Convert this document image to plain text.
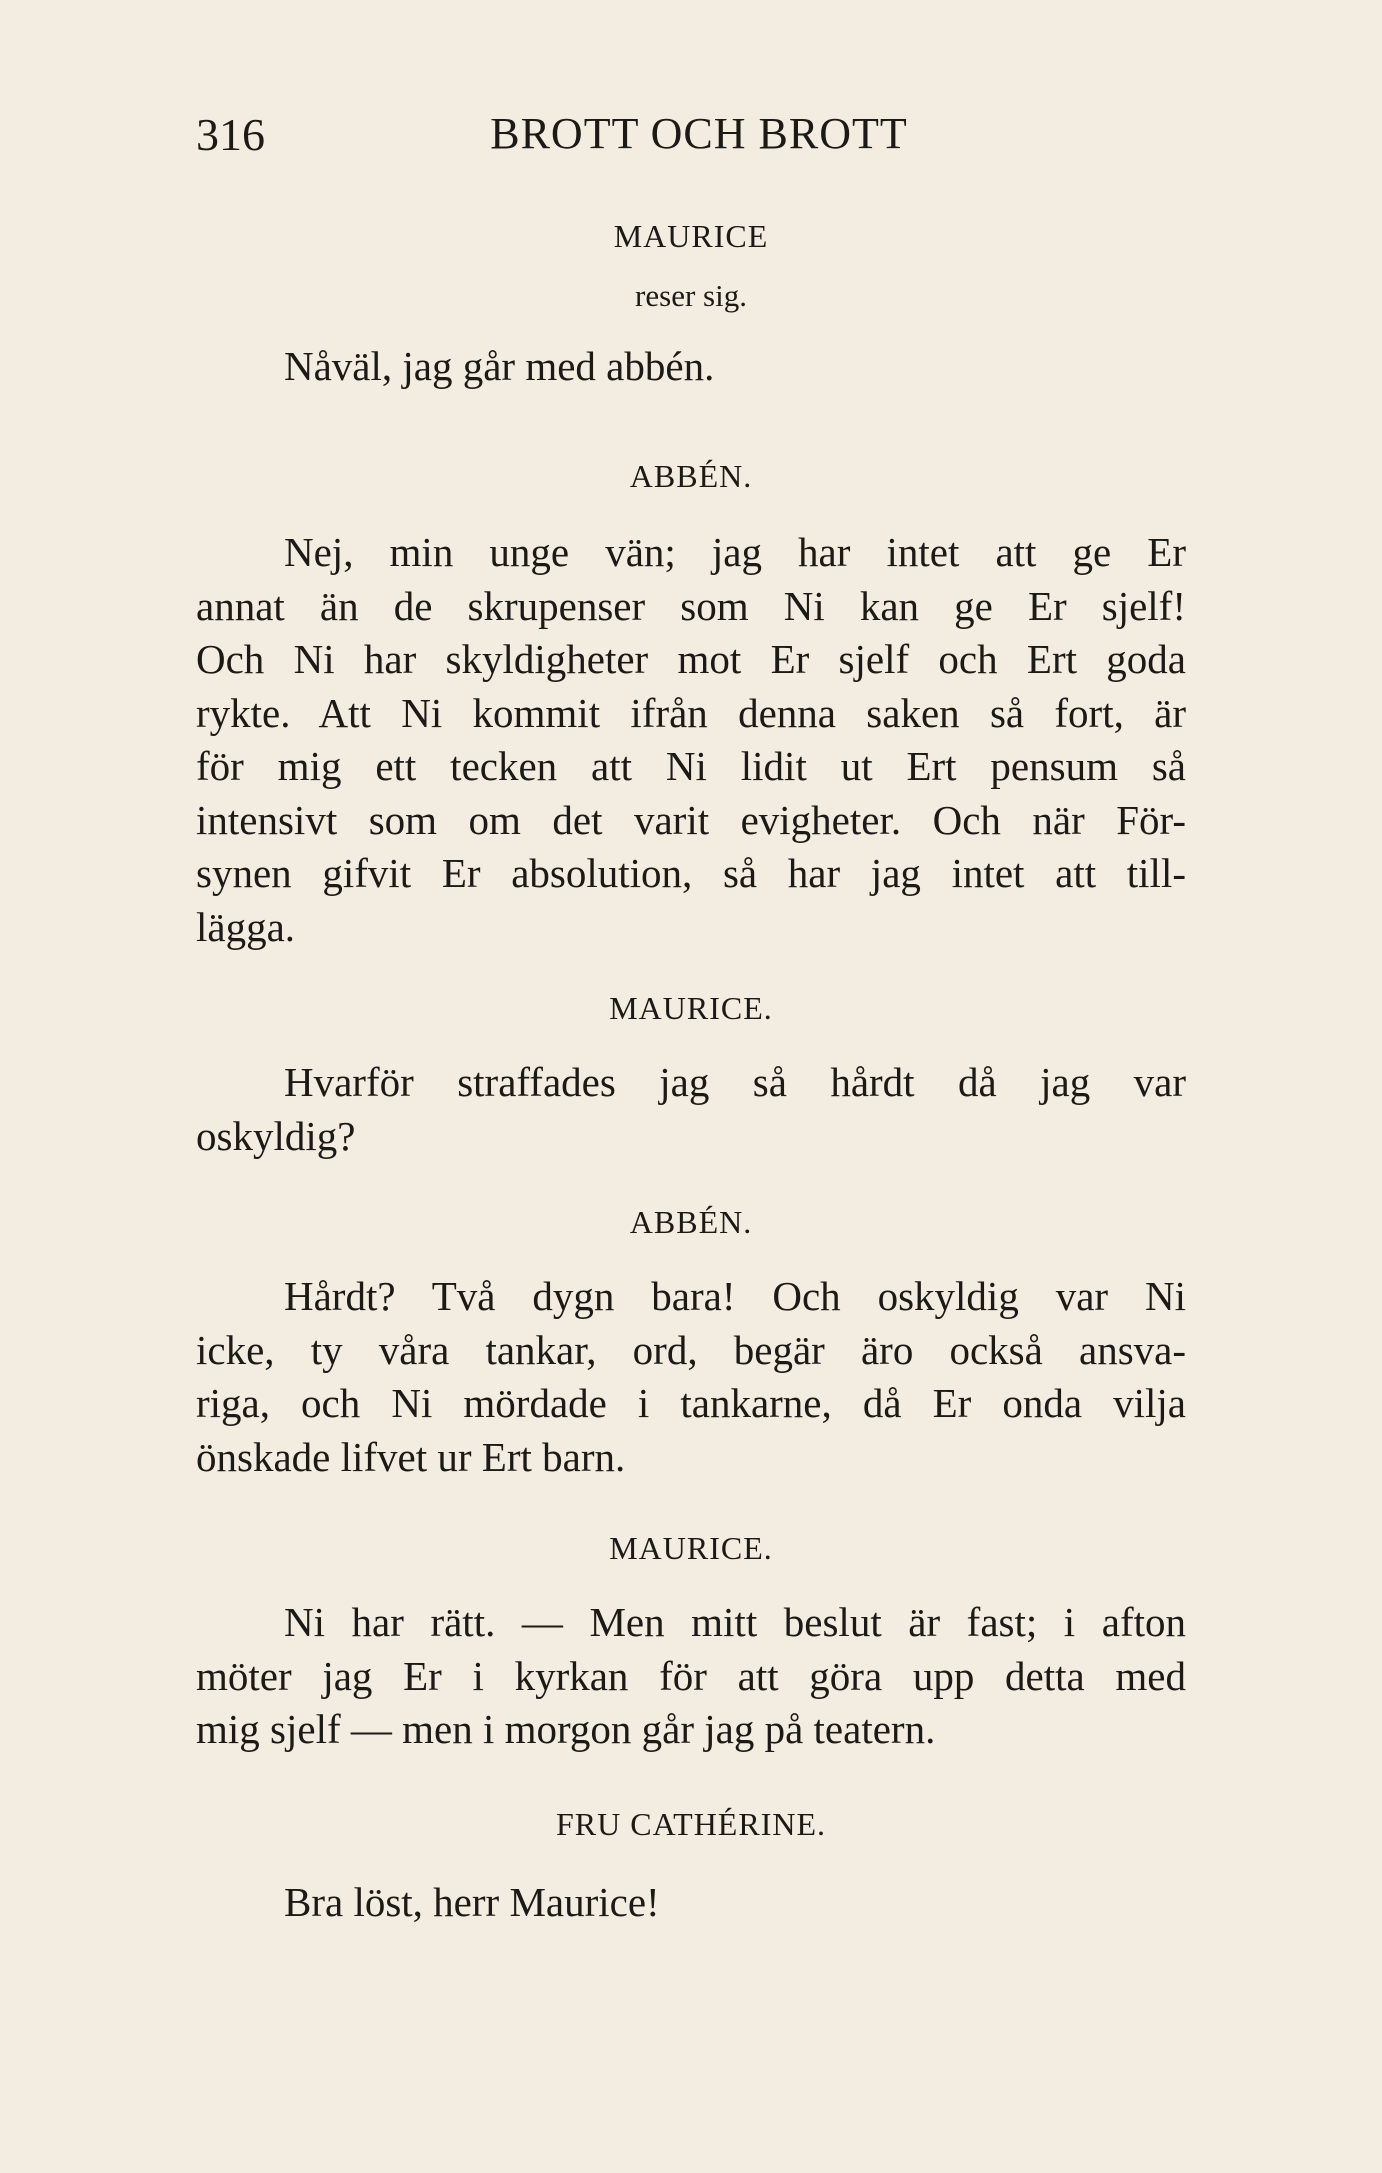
316	BROTT OCH BROTT
MAURICE
reser sig.

Nåväl, jag går med abbén.

ABBÉN.

Nej, min unge vän; jag har intet att ge Er
annat än de skrupenser som Ni kan ge Er sjelf!
Och Ni har skyldigheter mot Er sjelf och Ert goda
rykte. Att Ni kommit ifrån denna saken så fort, är
för mig ett tecken att Ni lidit ut Ert pensum så
intensivt som om det varit evigheter. Och när För-
synen gifvit Er absolution, så har jag intet att till-
lägga.

MAURICE.

Hvarför straffades jag så hårdt då jag var
oskyldig?

ABBÉN.

Hårdt? Två dygn bara! Och oskyldig var Ni
icke, ty våra tankar, ord, begär äro också ansva-
riga, och Ni mördade i tankarne, då Er onda vilja
önskade lifvet ur Ert barn.

MAURICE.

Ni har rätt. — Men mitt beslut är fast; i afton
möter jag Er i kyrkan för att göra upp detta med
mig sjelf — men i morgon går jag på teatern.

FRU CATHÉRINE.

Bra löst, herr Maurice!
